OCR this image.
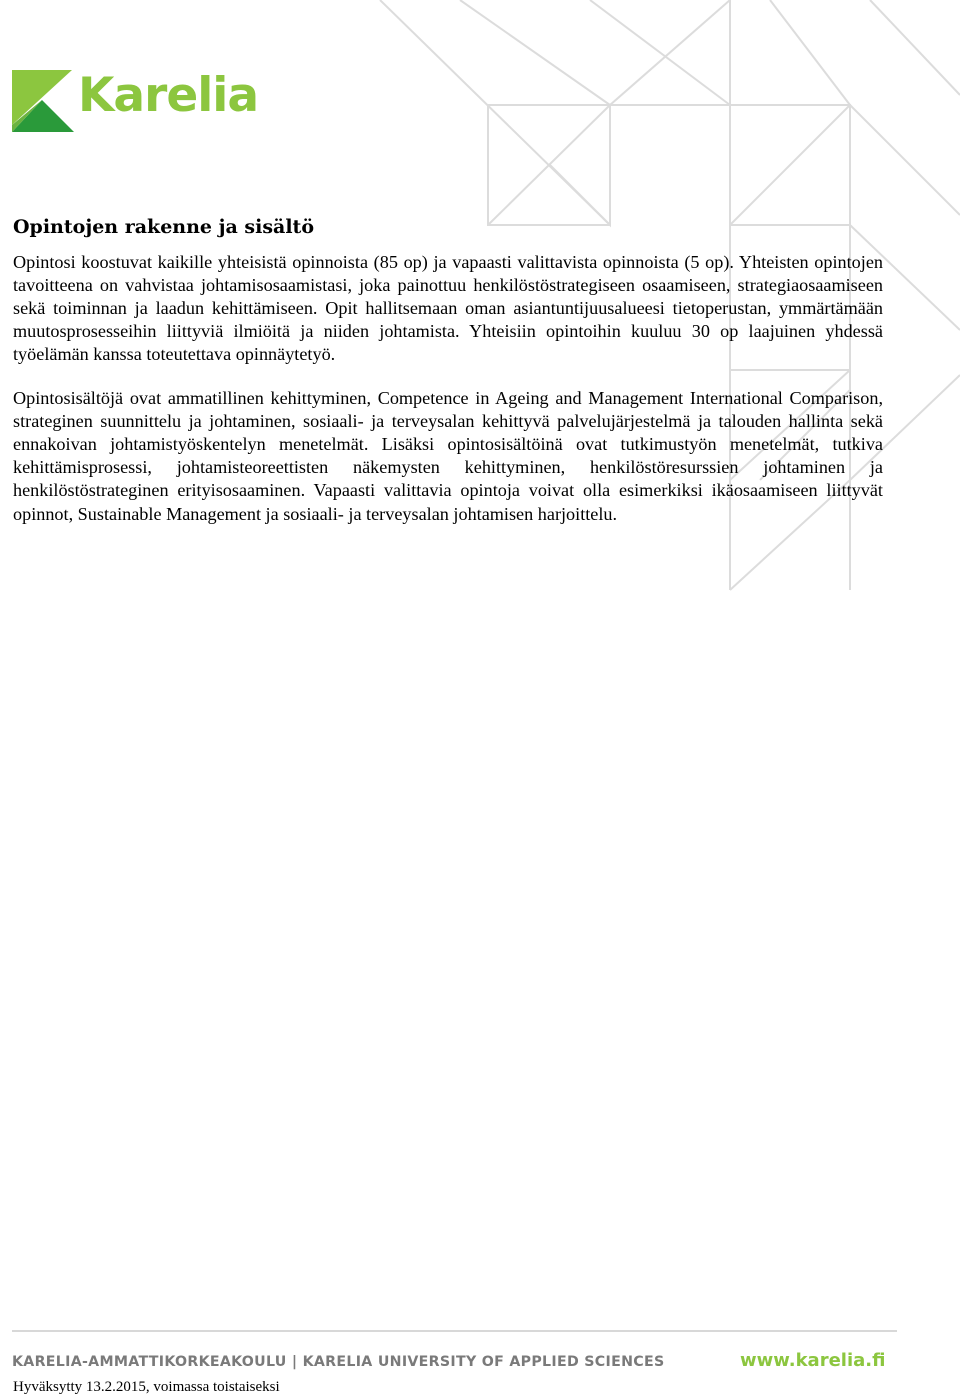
Karelia
Opintojen rakenne ja sisältö

Opintosi koostuvat kaikille yhteisistä opinnoista (85 op) ja vapaasti valittavista opinnoista (5 op). Yhteisten opintojen tavoitteena on vahvistaa johtamisosaamistasi, joka painottuu henkilöstöstrategiseen osaamiseen, strategiaosaamiseen sekä toiminnan ja laadun kehittämiseen. Opit hallitsemaan oman asiantuntijuusalueesi tietoperustan, ymmärtämään muutosprosesseihin liittyviä ilmiöitä ja niiden johtamista. Yhteisiin opintoihin kuuluu 30 op laajuinen yhdessä työelämän kanssa toteutettava opinnäytetyö.

Opintosisältöjä ovat ammatillinen kehittyminen, Competence in Ageing and Management International Comparison, strateginen suunnittelu ja johtaminen, sosiaali- ja terveysalan kehittyvä palvelujärjestelmä ja talouden hallinta sekä ennakoivan johtamistyöskentelyn menetelmät. Lisäksi opintosisältöinä ovat tutkimustyön menetelmät, tutkiva kehittämisprosessi, johtamisteoreettisten näkemysten kehittyminen, henkilöstöresurssien johtaminen ja henkilöstöstrateginen erityisosaaminen. Vapaasti valittavia opintoja voivat olla esimerkiksi ikäosaamiseen liittyvät opinnot, Sustainable Management ja sosiaali- ja terveysalan johtamisen harjoittelu.

KARELIA-AMMATTIKORKEAKOULU | KARELIA UNIVERSITY OF APPLIED SCIENCES	www.karelia.fi
Hyväksytty 13.2.2015, voimassa toistaiseksi
